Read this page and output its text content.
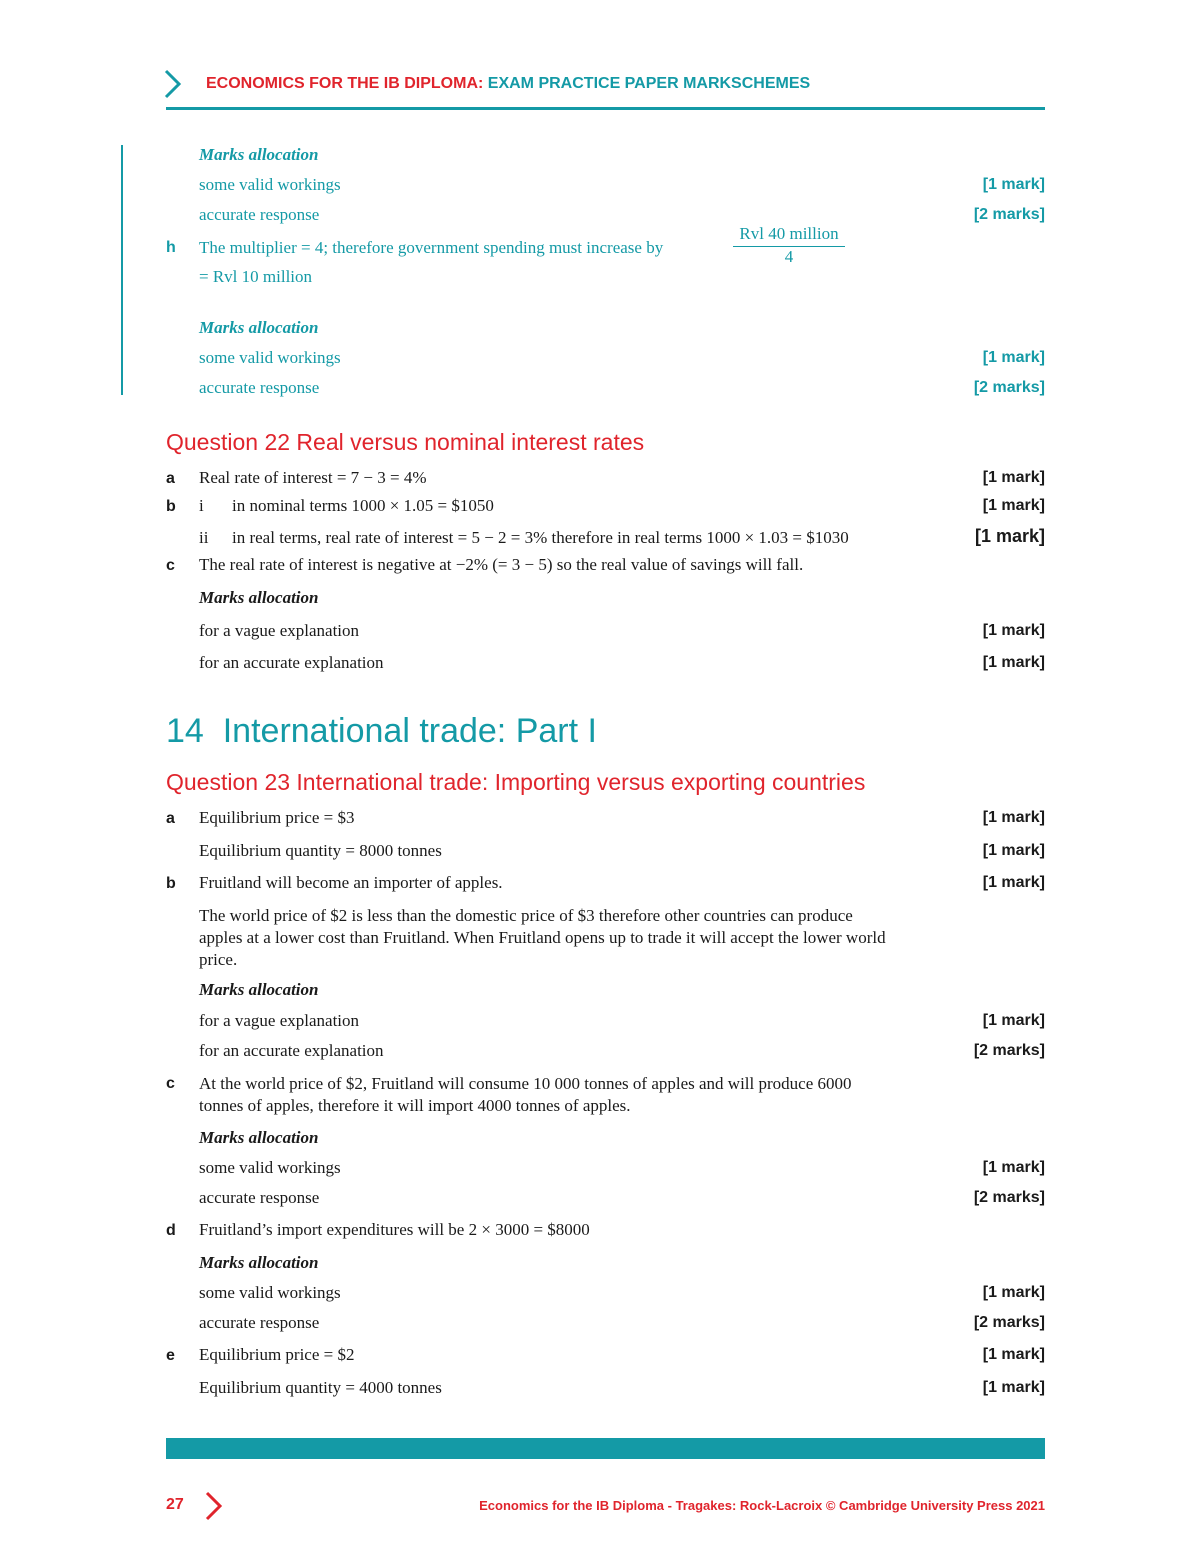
ECONOMICS FOR THE IB DIPLOMA: EXAM PRACTICE PAPER MARKSCHEMES
Marks allocation
some valid workings	[1 mark]
accurate response	[2 marks]
h The multiplier = 4; therefore government spending must increase by
Rvl 40 million
4
= Rvl 10 million
Marks allocation
some valid workings	[1 mark]
accurate response	[2 marks]
Question 22 Real versus nominal interest rates
a Real rate of interest = 7 − 3 = 4%	[1 mark]
b i in nominal terms 1000 × 1.05 = $1050	[1 mark]
ii in real terms, real rate of interest = 5 − 2 = 3% therefore in real terms 1000 × 1.03 = $1030	[1 mark]
c The real rate of interest is negative at −2% (= 3 − 5) so the real value of savings will fall.
Marks allocation
for a vague explanation	[1 mark]
for an accurate explanation	[1 mark]
14 International trade: Part I
Question 23 International trade: Importing versus exporting countries
a Equilibrium price = $3	[1 mark]
Equilibrium quantity = 8000 tonnes	[1 mark]
b Fruitland will become an importer of apples.	[1 mark]
The world price of $2 is less than the domestic price of $3 therefore other countries can produce apples at a lower cost than Fruitland. When Fruitland opens up to trade it will accept the lower world price.
Marks allocation
for a vague explanation	[1 mark]
for an accurate explanation	[2 marks]
c At the world price of $2, Fruitland will consume 10 000 tonnes of apples and will produce 6000 tonnes of apples, therefore it will import 4000 tonnes of apples.
Marks allocation
some valid workings	[1 mark]
accurate response	[2 marks]
d Fruitland’s import expenditures will be 2 × 3000 = $8000
Marks allocation
some valid workings	[1 mark]
accurate response	[2 marks]
e Equilibrium price = $2	[1 mark]
Equilibrium quantity = 4000 tonnes	[1 mark]
27	Economics for the IB Diploma - Tragakes: Rock-Lacroix © Cambridge University Press 2021
